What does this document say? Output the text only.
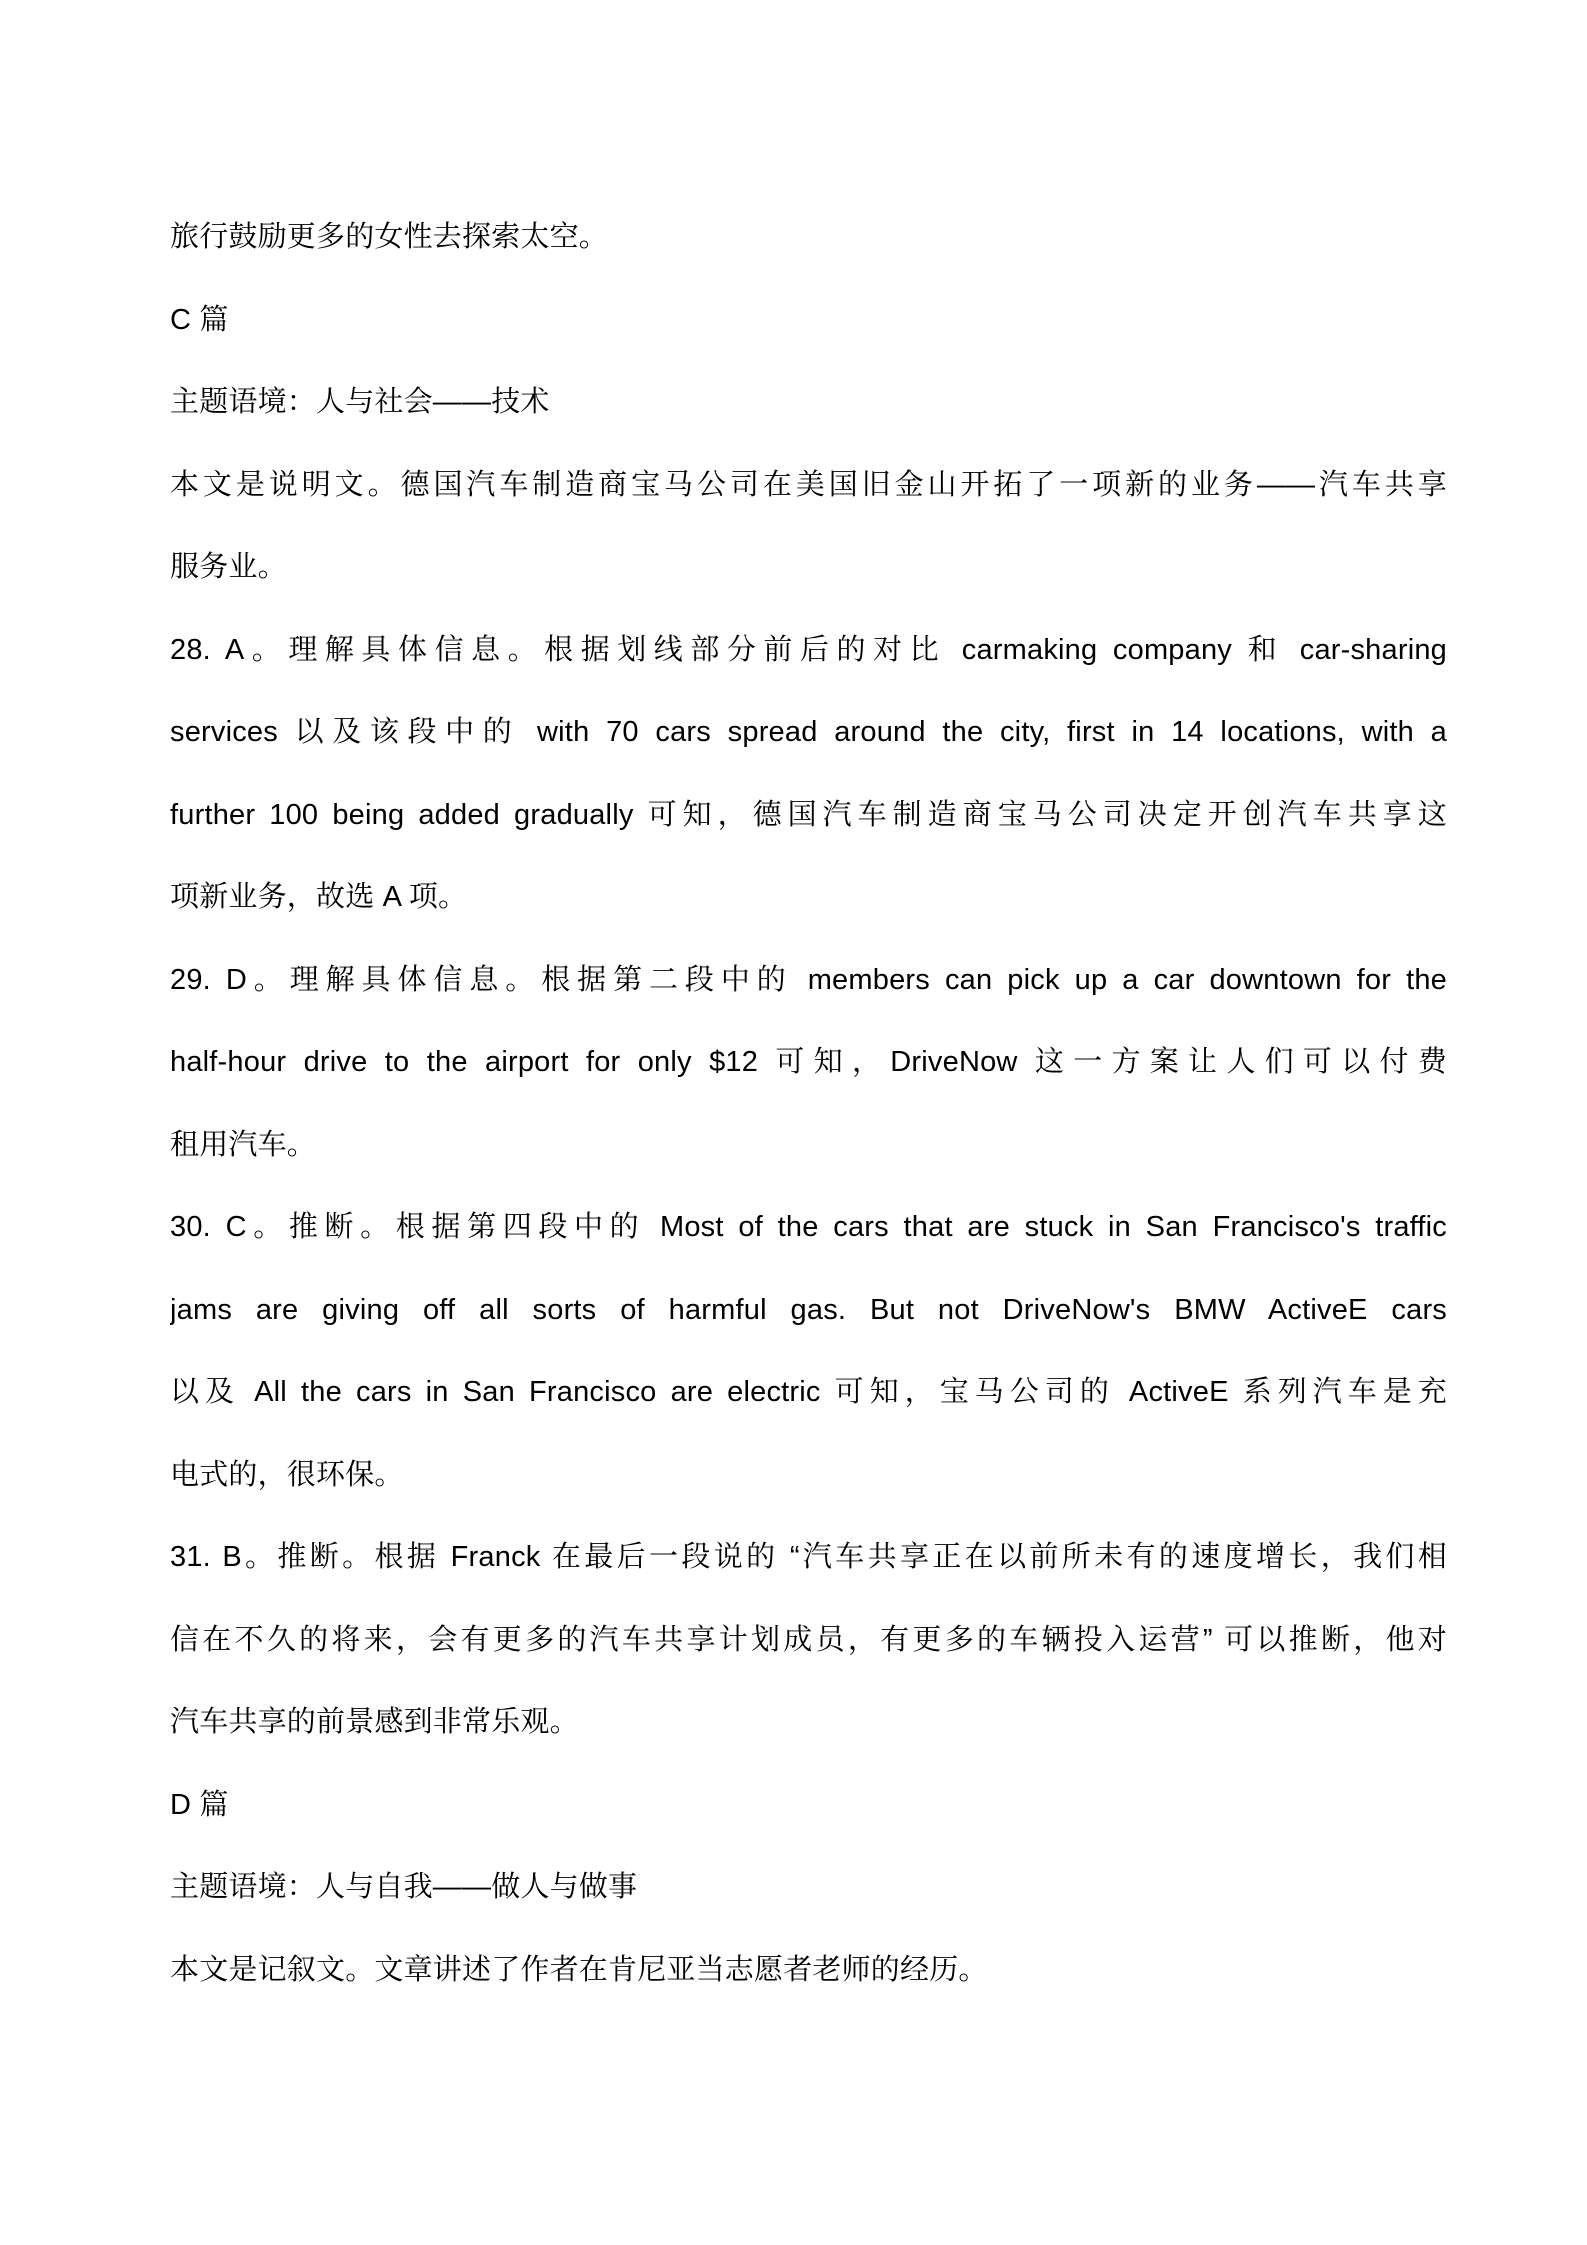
旅行鼓励更多的女性去探索太空。
C 篇
主题语境：人与社会——技术
本文是说明文。德国汽车制造商宝马公司在美国旧金山开拓了一项新的业务——汽车共享
服务业。
28. A。理解具体信息。根据划线部分前后的对比 carmaking company 和 car-sharing
services 以及该段中的 with 70 cars spread around the city, first in 14 locations, with a
further 100 being added gradually 可知，德国汽车制造商宝马公司决定开创汽车共享这
项新业务，故选 A 项。
29. D。理解具体信息。根据第二段中的 members can pick up a car downtown for the
half-hour drive to the airport for only $12 可知，DriveNow 这一方案让人们可以付费
租用汽车。
30. C。推断。根据第四段中的 Most of the cars that are stuck in San Francisco's traffic
jams are giving off all sorts of harmful gas. But not DriveNow's BMW ActiveE cars
以及 All the cars in San Francisco are electric 可知，宝马公司的 ActiveE 系列汽车是充
电式的，很环保。
31. B。推断。根据 Franck 在最后一段说的 “汽车共享正在以前所未有的速度增长，我们相
信在不久的将来，会有更多的汽车共享计划成员，有更多的车辆投入运营” 可以推断，他对
汽车共享的前景感到非常乐观。
D 篇
主题语境：人与自我——做人与做事
本文是记叙文。文章讲述了作者在肯尼亚当志愿者老师的经历。
